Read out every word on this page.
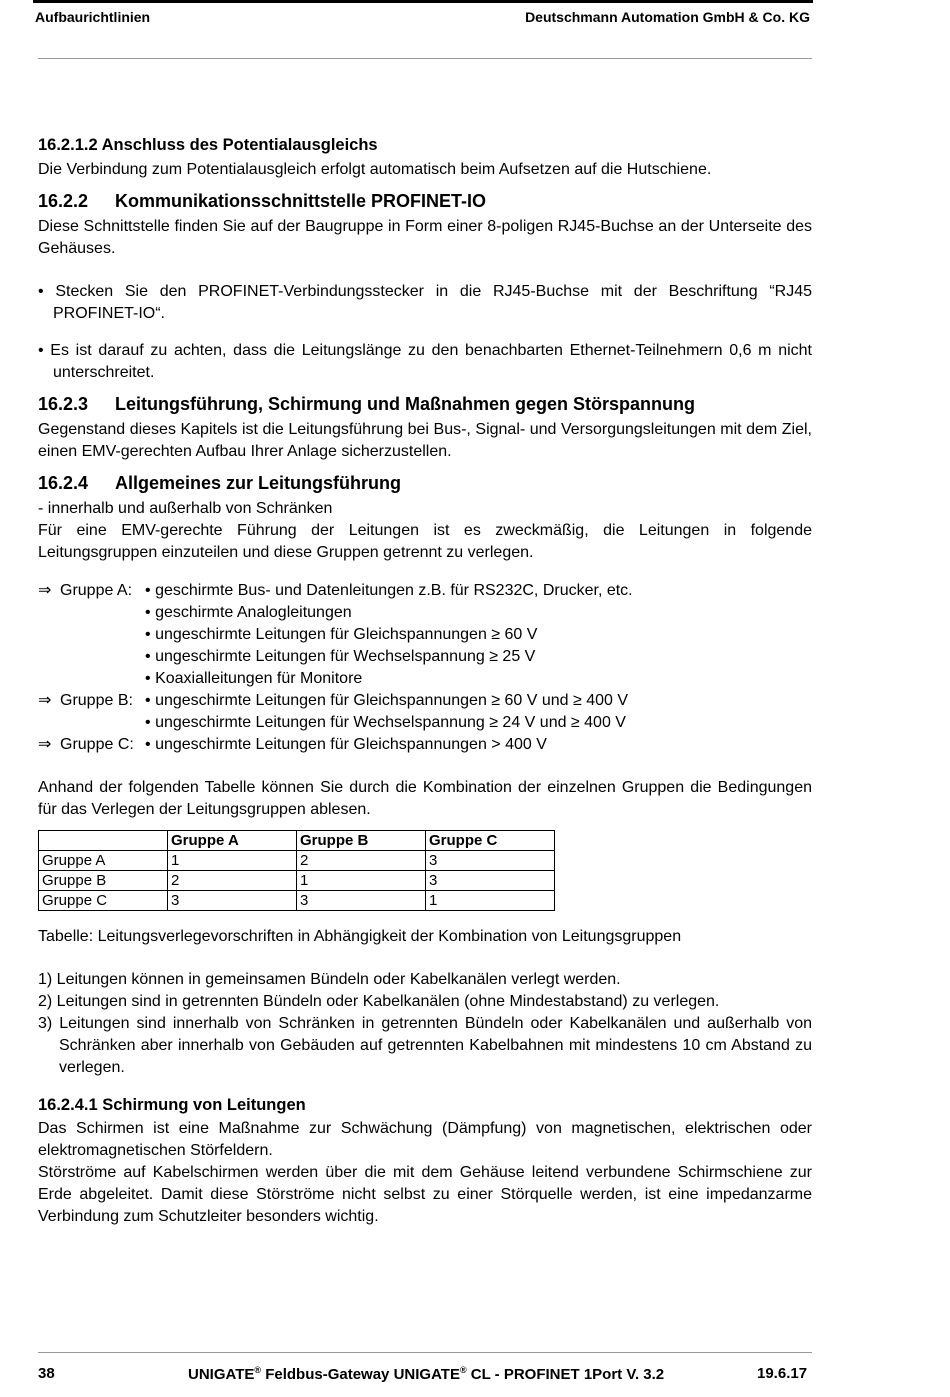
Aufbaurichtlinien	Deutschmann Automation GmbH & Co. KG
16.2.1.2 Anschluss des Potentialausgleichs

Die Verbindung zum Potentialausgleich erfolgt automatisch beim Aufsetzen auf die Hutschiene.

16.2.2 Kommunikationsschnittstelle PROFINET-IO

Diese Schnittstelle finden Sie auf der Baugruppe in Form einer 8-poligen RJ45-Buchse an der Unterseite des Gehäuses.

• Stecken Sie den PROFINET-Verbindungsstecker in die RJ45-Buchse mit der Beschriftung “RJ45 PROFINET-IO“.

• Es ist darauf zu achten, dass die Leitungslänge zu den benachbarten Ethernet-Teilnehmern 0,6 m nicht unterschreitet.

16.2.3 Leitungsführung, Schirmung und Maßnahmen gegen Störspannung

Gegenstand dieses Kapitels ist die Leitungsführung bei Bus-, Signal- und Versorgungsleitungen mit dem Ziel, einen EMV-gerechten Aufbau Ihrer Anlage sicherzustellen.

16.2.4 Allgemeines zur Leitungsführung

- innerhalb und außerhalb von Schränken

Für eine EMV-gerechte Führung der Leitungen ist es zweckmäßig, die Leitungen in folgende Leitungsgruppen einzuteilen und diese Gruppen getrennt zu verlegen.

⇒ Gruppe A: •
geschirmte Bus- und Datenleitungen z.B. für RS232C, Drucker, etc.
•
geschirmte Analogleitungen
•
ungeschirmte Leitungen für Gleichspannungen ≥ 60 V
•
ungeschirmte Leitungen für Wechselspannung ≥ 25 V
•
Koaxialleitungen für Monitore
⇒ Gruppe B: •
ungeschirmte Leitungen für Gleichspannungen ≥ 60 V und ≥ 400 V
•
ungeschirmte Leitungen für Wechselspannung ≥ 24 V und ≥ 400 V
⇒ Gruppe C: •
ungeschirmte Leitungen für Gleichspannungen > 400 V

Anhand der folgenden Tabelle können Sie durch die Kombination der einzelnen Gruppen die Bedingungen für das Verlegen der Leitungsgruppen ablesen.

	Gruppe A	Gruppe B	Gruppe C
Gruppe A	1	2	3
Gruppe B	2	1	3
Gruppe C	3	3	1

Tabelle: Leitungsverlegevorschriften in Abhängigkeit der Kombination von Leitungsgruppen

1) Leitungen können in gemeinsamen Bündeln oder Kabelkanälen verlegt werden.

2) Leitungen sind in getrennten Bündeln oder Kabelkanälen (ohne Mindestabstand) zu verlegen.

3) Leitungen sind innerhalb von Schränken in getrennten Bündeln oder Kabelkanälen und außerhalb von Schränken aber innerhalb von Gebäuden auf getrennten Kabelbahnen mit mindestens 10 cm Abstand zu verlegen.

16.2.4.1 Schirmung von Leitungen

Das Schirmen ist eine Maßnahme zur Schwächung (Dämpfung) von magnetischen, elektrischen oder elektromagnetischen Störfeldern.

Störströme auf Kabelschirmen werden über die mit dem Gehäuse leitend verbundene Schirmschiene zur Erde abgeleitet. Damit diese Störströme nicht selbst zu einer Störquelle werden, ist eine impedanzarme Verbindung zum Schutzleiter besonders wichtig.

38	UNIGATE® Feldbus-Gateway UNIGATE® CL - PROFINET 1Port V. 3.2	19.6.17
